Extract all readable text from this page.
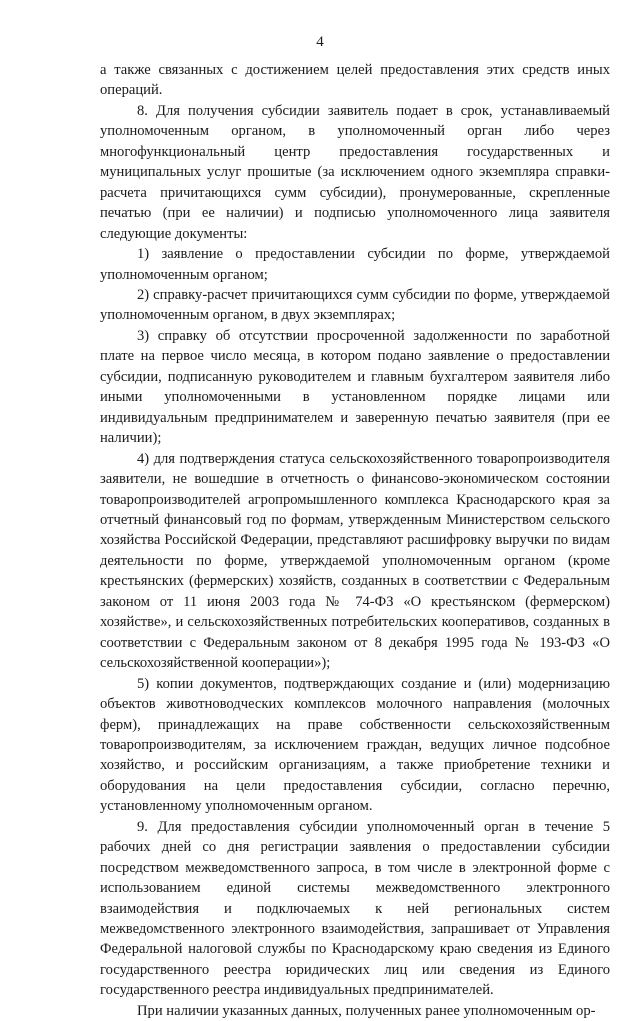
4

а также связанных с достижением целей предоставления этих средств иных операций.

8. Для получения субсидии заявитель подает в срок, устанавливаемый уполномоченным органом, в уполномоченный орган либо через многофункциональный центр предоставления государственных и муниципальных услуг прошитые (за исключением одного экземпляра справки-расчета причитающихся сумм субсидии), пронумерованные, скрепленные печатью (при ее наличии) и подписью уполномоченного лица заявителя следующие документы:

1) заявление о предоставлении субсидии по форме, утверждаемой уполномоченным органом;

2) справку-расчет причитающихся сумм субсидии по форме, утверждаемой уполномоченным органом, в двух экземплярах;

3) справку об отсутствии просроченной задолженности по заработной плате на первое число месяца, в котором подано заявление о предоставлении субсидии, подписанную руководителем и главным бухгалтером заявителя либо иными уполномоченными в установленном порядке лицами или индивидуальным предпринимателем и заверенную печатью заявителя (при ее наличии);

4) для подтверждения статуса сельскохозяйственного товаропроизводителя заявители, не вошедшие в отчетность о финансово-экономическом состоянии товаропроизводителей агропромышленного комплекса Краснодарского края за отчетный финансовый год по формам, утвержденным Министерством сельского хозяйства Российской Федерации, представляют расшифровку выручки по видам деятельности по форме, утверждаемой уполномоченным органом (кроме крестьянских (фермерских) хозяйств, созданных в соответствии с Федеральным законом от 11 июня 2003 года № 74-ФЗ «О крестьянском (фермерском) хозяйстве», и сельскохозяйственных потребительских кооперативов, созданных в соответствии с Федеральным законом от 8 декабря 1995 года № 193-ФЗ «О сельскохозяйственной кооперации»);

5) копии документов, подтверждающих создание и (или) модернизацию объектов животноводческих комплексов молочного направления (молочных ферм), принадлежащих на праве собственности сельскохозяйственным товаропроизводителям, за исключением граждан, ведущих личное подсобное хозяйство, и российским организациям, а также приобретение техники и оборудования на цели предоставления субсидии, согласно перечню, установленному уполномоченным органом.

9. Для предоставления субсидии уполномоченный орган в течение 5 рабочих дней со дня регистрации заявления о предоставлении субсидии посредством межведомственного запроса, в том числе в электронной форме с использованием единой системы межведомственного электронного взаимодействия и подключаемых к ней региональных систем межведомственного электронного взаимодействия, запрашивает от Управления Федеральной налоговой службы по Краснодарскому краю сведения из Единого государственного реестра юридических лиц или сведения из Единого государственного реестра индивидуальных предпринимателей.

При наличии указанных данных, полученных ранее уполномоченным ор-
